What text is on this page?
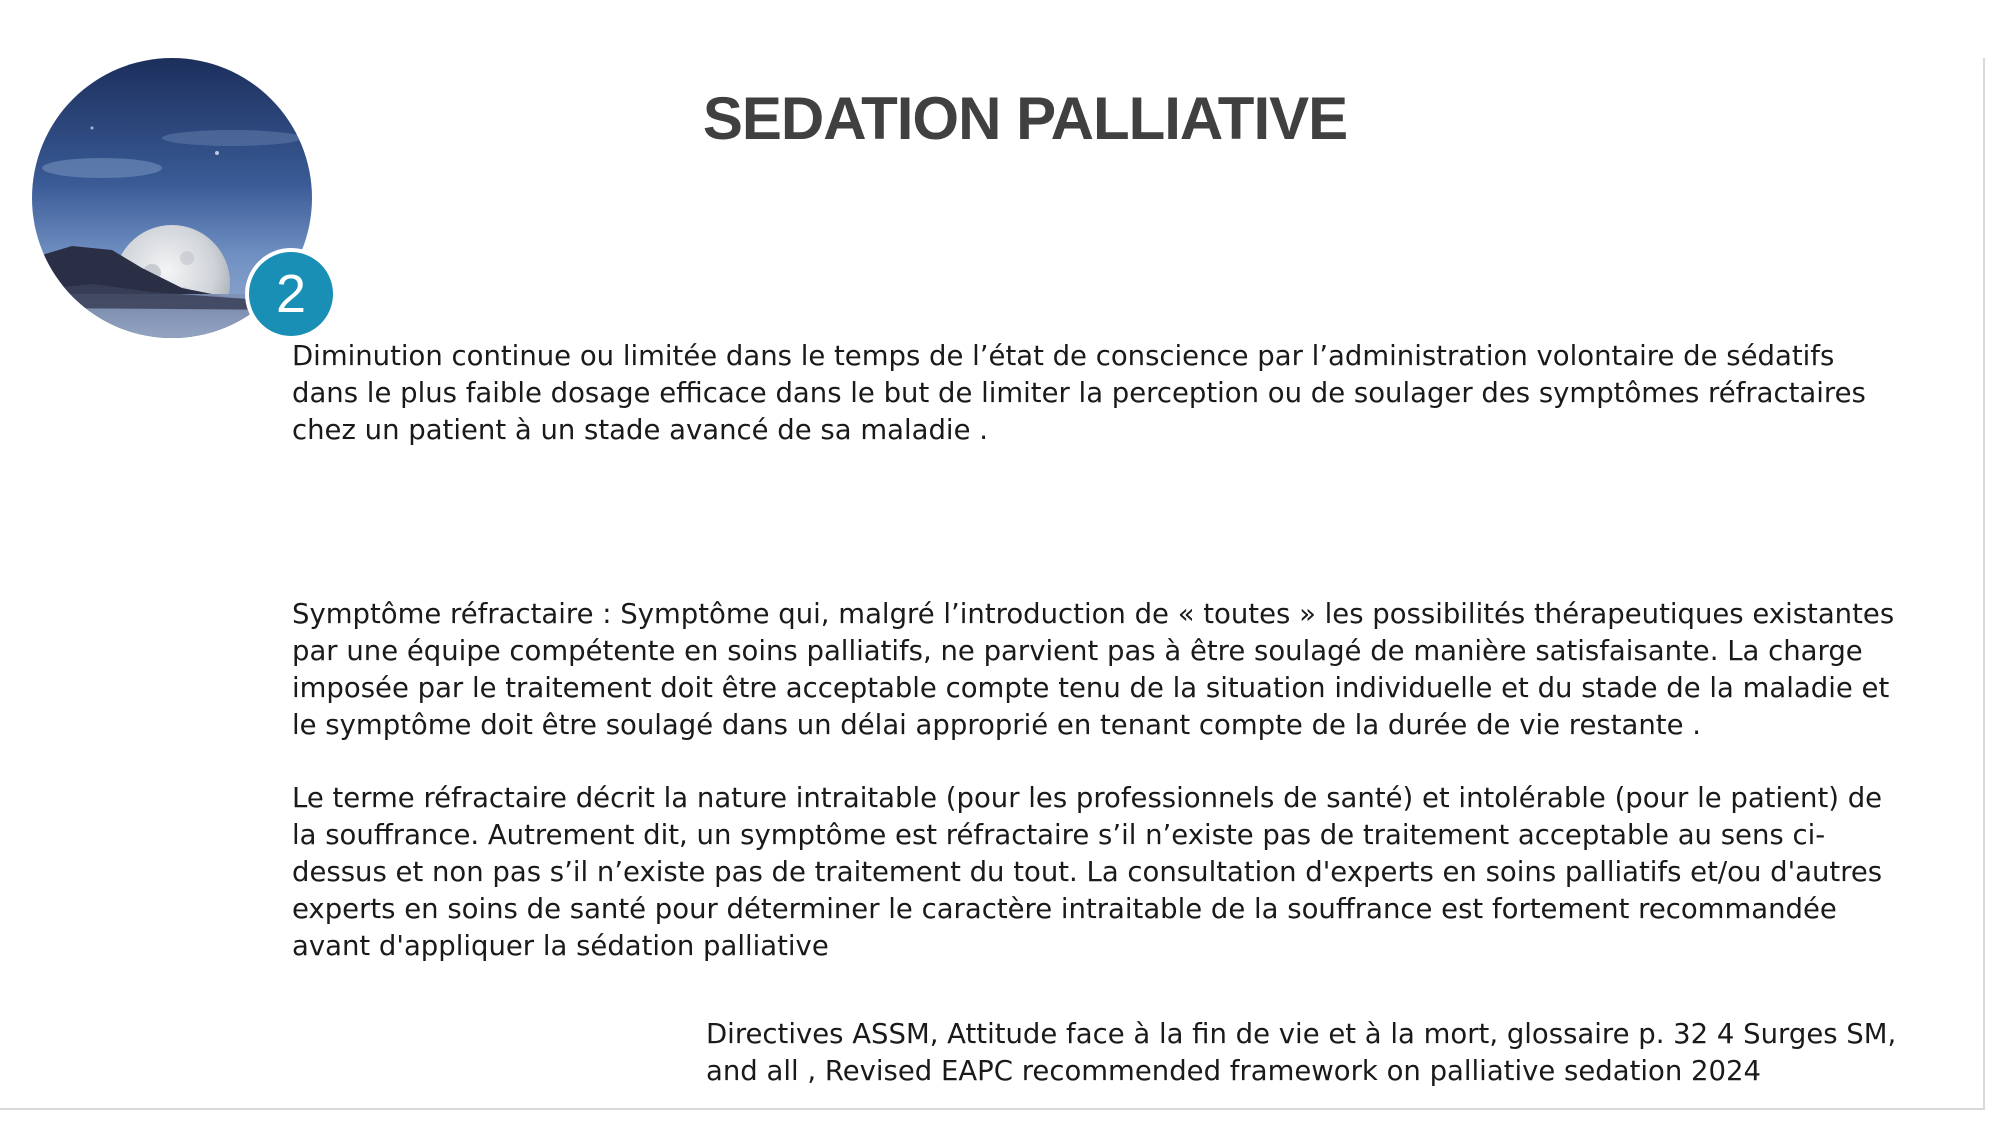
2
SEDATION PALLIATIVE

Diminution continue ou limitée dans le temps de l’état de conscience par l’administration volontaire de sédatifs dans le plus faible dosage efficace dans le but de limiter la perception ou de soulager des symptômes réfractaires chez un patient à un stade avancé de sa maladie .

Symptôme réfractaire : Symptôme qui, malgré l’introduction de « toutes » les possibilités thérapeutiques existantes par une équipe compétente en soins palliatifs, ne parvient pas à être soulagé de manière satisfaisante. La charge imposée par le traitement doit être acceptable compte tenu de la situation individuelle et du stade de la maladie et le symptôme doit être soulagé dans un délai approprié en tenant compte de la durée de vie restante .

Le terme réfractaire décrit la nature intraitable (pour les professionnels de santé) et intolérable (pour le patient) de la souffrance. Autrement dit, un symptôme est réfractaire s’il n’existe pas de traitement acceptable au sens ci-dessus et non pas s’il n’existe pas de traitement du tout. La consultation d'experts en soins palliatifs et/ou d'autres experts en soins de santé pour déterminer le caractère intraitable de la souffrance est fortement recommandée avant d'appliquer la sédation palliative

Directives ASSM, Attitude face à la fin de vie et à la mort, glossaire p. 32 4 Surges SM,
and all , Revised EAPC recommended framework on palliative sedation 2024
